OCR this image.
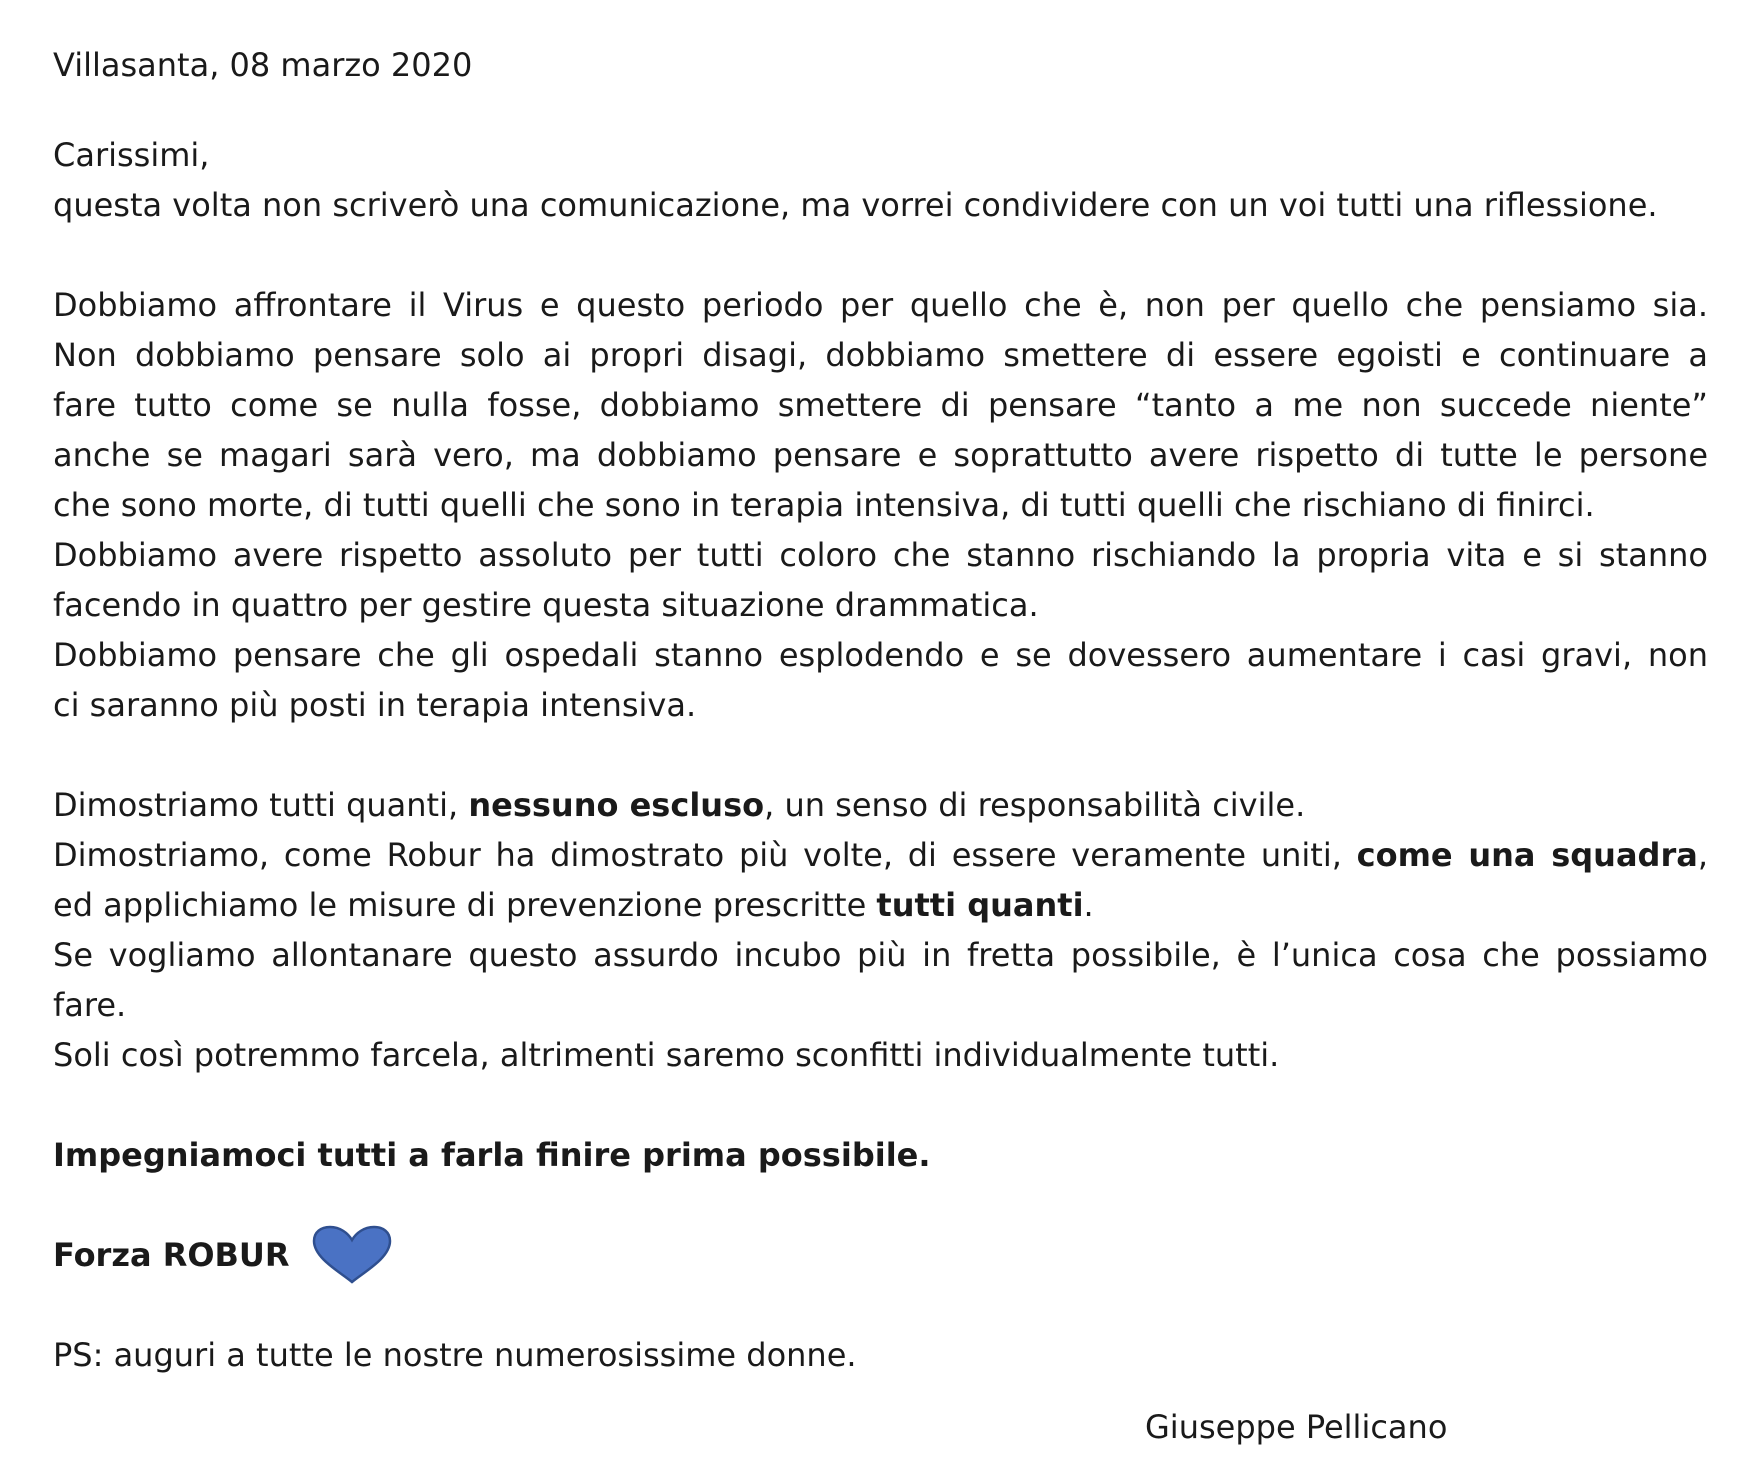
Villasanta, 08 marzo 2020
Carissimi,
questa volta non scriverò una comunicazione, ma vorrei condividere con un voi tutti una riflessione.
Dobbiamo affrontare il Virus e questo periodo per quello che è, non per quello che pensiamo sia.
Non dobbiamo pensare solo ai propri disagi, dobbiamo smettere di essere egoisti e continuare a
fare tutto come se nulla fosse, dobbiamo smettere di pensare “tanto a me non succede niente”
anche se magari sarà vero, ma dobbiamo pensare e soprattutto avere rispetto di tutte le persone
che sono morte, di tutti quelli che sono in terapia intensiva, di tutti quelli che rischiano di finirci.
Dobbiamo avere rispetto assoluto per tutti coloro che stanno rischiando la propria vita e si stanno
facendo in quattro per gestire questa situazione drammatica.
Dobbiamo pensare che gli ospedali stanno esplodendo e se dovessero aumentare i casi gravi, non
ci saranno più posti in terapia intensiva.
Dimostriamo tutti quanti, nessuno escluso, un senso di responsabilità civile.
Dimostriamo, come Robur ha dimostrato più volte, di essere veramente uniti, come una squadra,
ed applichiamo le misure di prevenzione prescritte tutti quanti.
Se vogliamo allontanare questo assurdo incubo più in fretta possibile, è l’unica cosa che possiamo
fare.
Soli così potremmo farcela, altrimenti saremo sconfitti individualmente tutti.
Impegniamoci tutti a farla finire prima possibile.
Forza ROBUR
PS: auguri a tutte le nostre numerosissime donne.
Giuseppe Pellicano
